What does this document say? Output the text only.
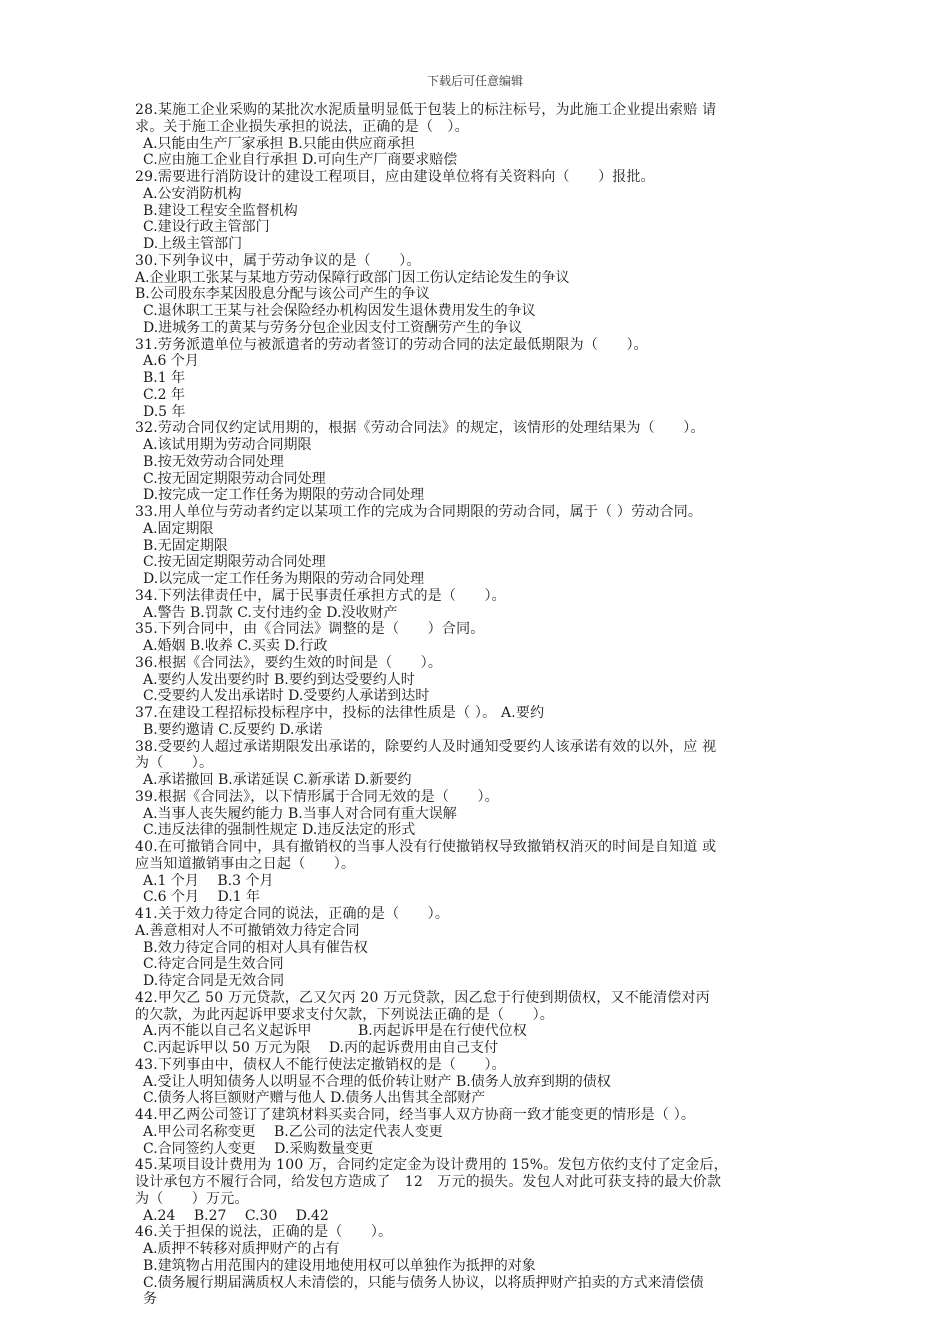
下载后可任意编辑
28.某施工企业采购的某批次水泥质量明显低于包装上的标注标号，为此施工企业提出索赔 请
求。关于施工企业损失承担的说法，正确的是（　）。
A.只能由生产厂家承担 B.只能由供应商承担
C.应由施工企业自行承担 D.可向生产厂商要求赔偿
29.需要进行消防设计的建设工程项目，应由建设单位将有关资料向（　　）报批。
A.公安消防机构
B.建设工程安全监督机构
C.建设行政主管部门
D.上级主管部门
30.下列争议中，属于劳动争议的是（　　）。
A.企业职工张某与某地方劳动保障行政部门因工伤认定结论发生的争议
B.公司股东李某因股息分配与该公司产生的争议
C.退休职工王某与社会保险经办机构因发生退休费用发生的争议
D.进城务工的黄某与劳务分包企业因支付工资酬劳产生的争议
31.劳务派遣单位与被派遣者的劳动者签订的劳动合同的法定最低期限为（　　）。
A.6 个月
B.1 年
C.2 年
D.5 年
32.劳动合同仅约定试用期的，根据《劳动合同法》的规定，该情形的处理结果为（　　）。
A.该试用期为劳动合同期限
B.按无效劳动合同处理
C.按无固定期限劳动合同处理
D.按完成一定工作任务为期限的劳动合同处理
33.用人单位与劳动者约定以某项工作的完成为合同期限的劳动合同，属于（ ）劳动合同。
A.固定期限
B.无固定期限
C.按无固定期限劳动合同处理
D.以完成一定工作任务为期限的劳动合同处理
34.下列法律责任中，属于民事责任承担方式的是（　　）。
A.警告 B.罚款 C.支付违约金 D.没收财产
35.下列合同中，由《合同法》调整的是（　　）合同。
A.婚姻 B.收养 C.买卖 D.行政
36.根据《合同法》，要约生效的时间是（　　）。
A.要约人发出要约时 B.要约到达受要约人时
C.受要约人发出承诺时 D.受要约人承诺到达时
37.在建设工程招标投标程序中，投标的法律性质是（ ）。 A.要约
B.要约邀请 C.反要约 D.承诺
38.受要约人超过承诺期限发出承诺的，除要约人及时通知受要约人该承诺有效的以外，应 视
为（　　）。
A.承诺撤回 B.承诺延误 C.新承诺 D.新要约
39.根据《合同法》，以下情形属于合同无效的是（　　）。
A.当事人丧失履约能力 B.当事人对合同有重大误解
C.违反法律的强制性规定 D.违反法定的形式
40.在可撤销合同中，具有撤销权的当事人没有行使撤销权导致撤销权消灭的时间是自知道 或
应当知道撤销事由之日起（　　）。
A.1 个月　 B.3 个月
C.6 个月　 D.1 年
41.关于效力待定合同的说法，正确的是（　　）。
A.善意相对人不可撤销效力待定合同
B.效力待定合同的相对人具有催告权
C.待定合同是生效合同
D.待定合同是无效合同
42.甲欠乙 50 万元贷款，乙又欠丙 20 万元贷款，因乙怠于行使到期债权，又不能清偿对丙
的欠款，为此丙起诉甲要求支付欠款，下列说法正确的是（　　）。
A.丙不能以自己名义起诉甲　　　 B.丙起诉甲是在行使代位权
C.丙起诉甲以 50 万元为限　 D.丙的起诉费用由自己支付
43.下列事由中，债权人不能行使法定撤销权的是（　　）。
A.受让人明知债务人以明显不合理的低价转让财产 B.债务人放弃到期的债权
C.债务人将巨额财产赠与他人 D.债务人出售其全部财产
44.甲乙两公司签订了建筑材料买卖合同，经当事人双方协商一致才能变更的情形是（ ）。
A.甲公司名称变更　 B.乙公司的法定代表人变更
C.合同签约人变更　 D.采购数量变更
45.某项目设计费用为 100 万，合同约定定金为设计费用的 15%。发包方依约支付了定金后，
设计承包方不履行合同，给发包方造成了　12　万元的损失。发包人对此可获支持的最大价款
为（　　）万元。
A.24　 B.27　 C.30　 D.42
46.关于担保的说法，正确的是（　　）。
A.质押不转移对质押财产的占有
B.建筑物占用范围内的建设用地使用权可以单独作为抵押的对象
C.债务履行期届满质权人未清偿的，只能与债务人协议，以将质押财产拍卖的方式来清偿债
务
